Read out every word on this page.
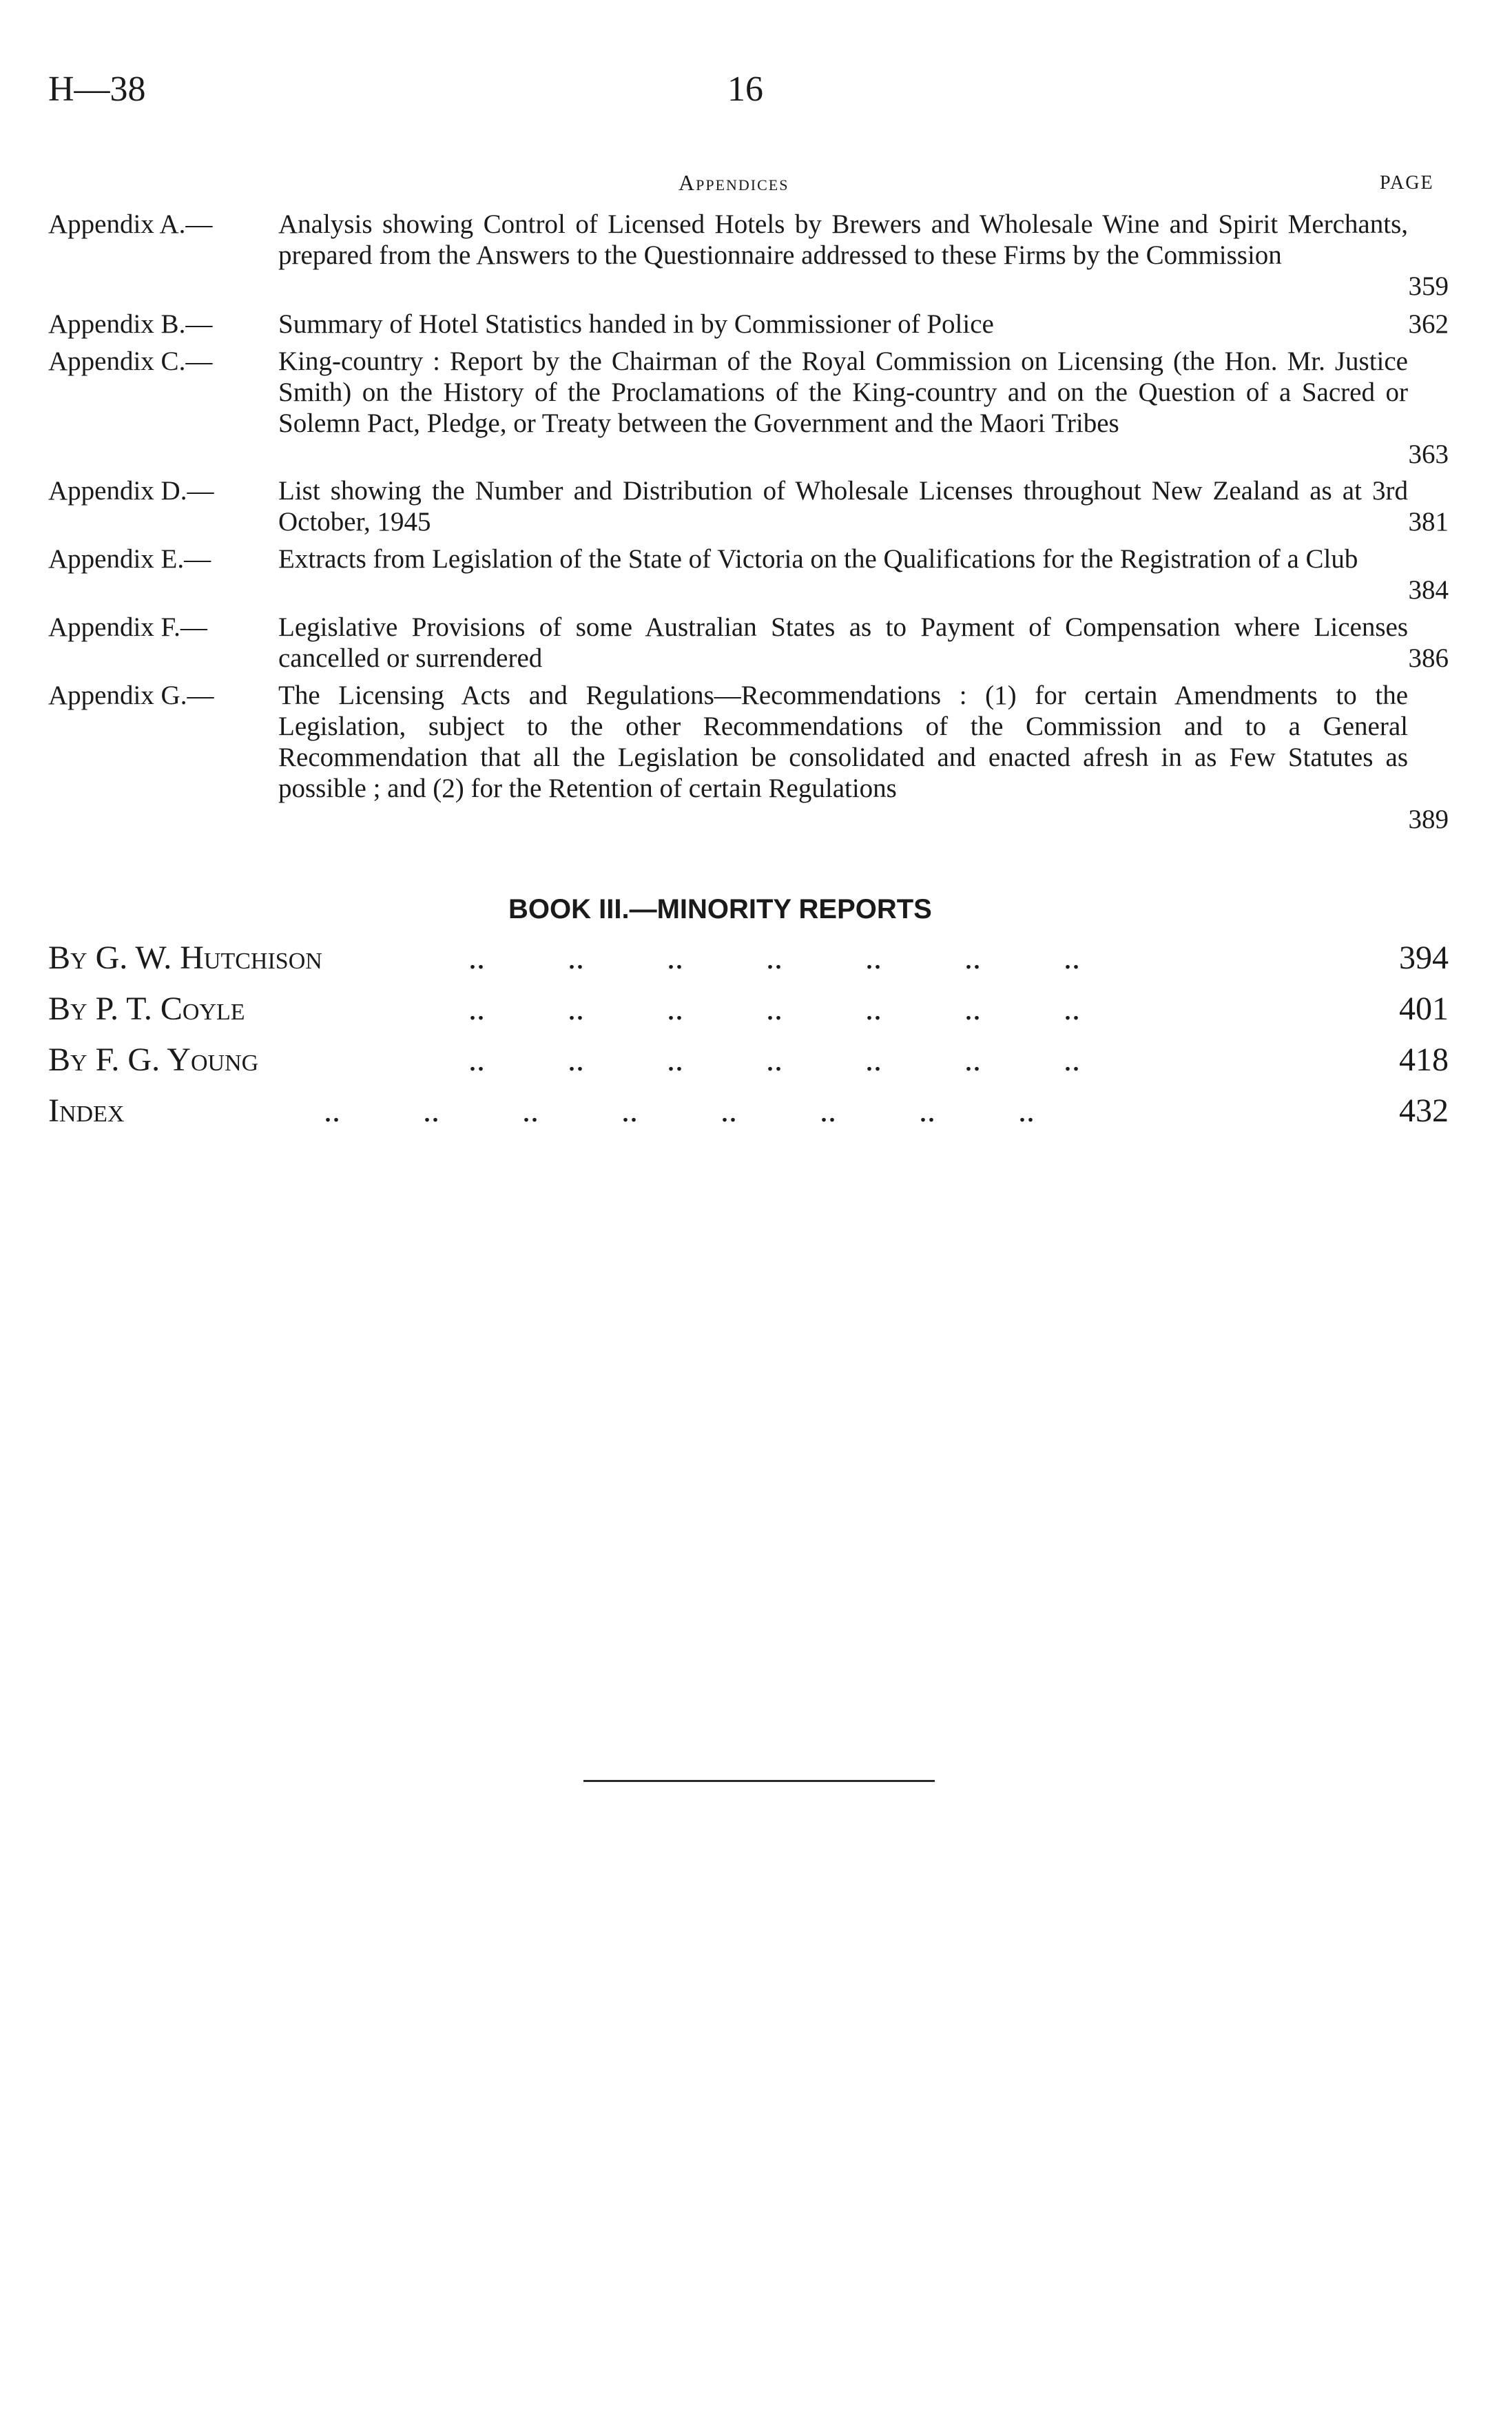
H—38	16
Appendices	PAGE
Appendix A.— Analysis showing Control of Licensed Hotels by Brewers and Wholesale Wine and Spirit Merchants, prepared from the Answers to the Questionnaire addressed to these Firms by the Commission
359
Appendix B.— Summary of Hotel Statistics handed in by Commissioner of Police	362
Appendix C.— King-country : Report by the Chairman of the Royal Commission on Licensing (the Hon. Mr. Justice Smith) on the History of the Proclamations of the King-country and on the Question of a Sacred or Solemn Pact, Pledge, or Treaty between the Government and the Maori Tribes
363
Appendix D.— List showing the Number and Distribution of Wholesale Licenses throughout New Zealand as at 3rd October, 1945	381
Appendix E.—	Extracts from Legislation of the State of Victoria on the Qualifications for the Registration of a Club
384
Appendix F.—	Legislative Provisions of some Australian States as to Payment of Compensation where Licenses cancelled or surrendered	386
Appendix G.— The Licensing Acts and Regulations—Recommendations : (1) for certain Amendments to the Legislation, subject to the other Recommendations of the Commission and to a General Recommendation that all the Legislation be consolidated and enacted afresh in as Few Statutes as possible ; and (2) for the Retention of certain Regulations
389
BOOK III.—MINORITY REPORTS
By G. W. Hutchison	..          ..          ..          ..          ..          ..          ..	394
By P. T. Coyle	..          ..          ..          ..          ..          ..          ..	401
By F. G. Young	..          ..          ..          ..          ..          ..          ..	418
Index	..          ..          ..          ..          ..          ..          ..          ..	432
